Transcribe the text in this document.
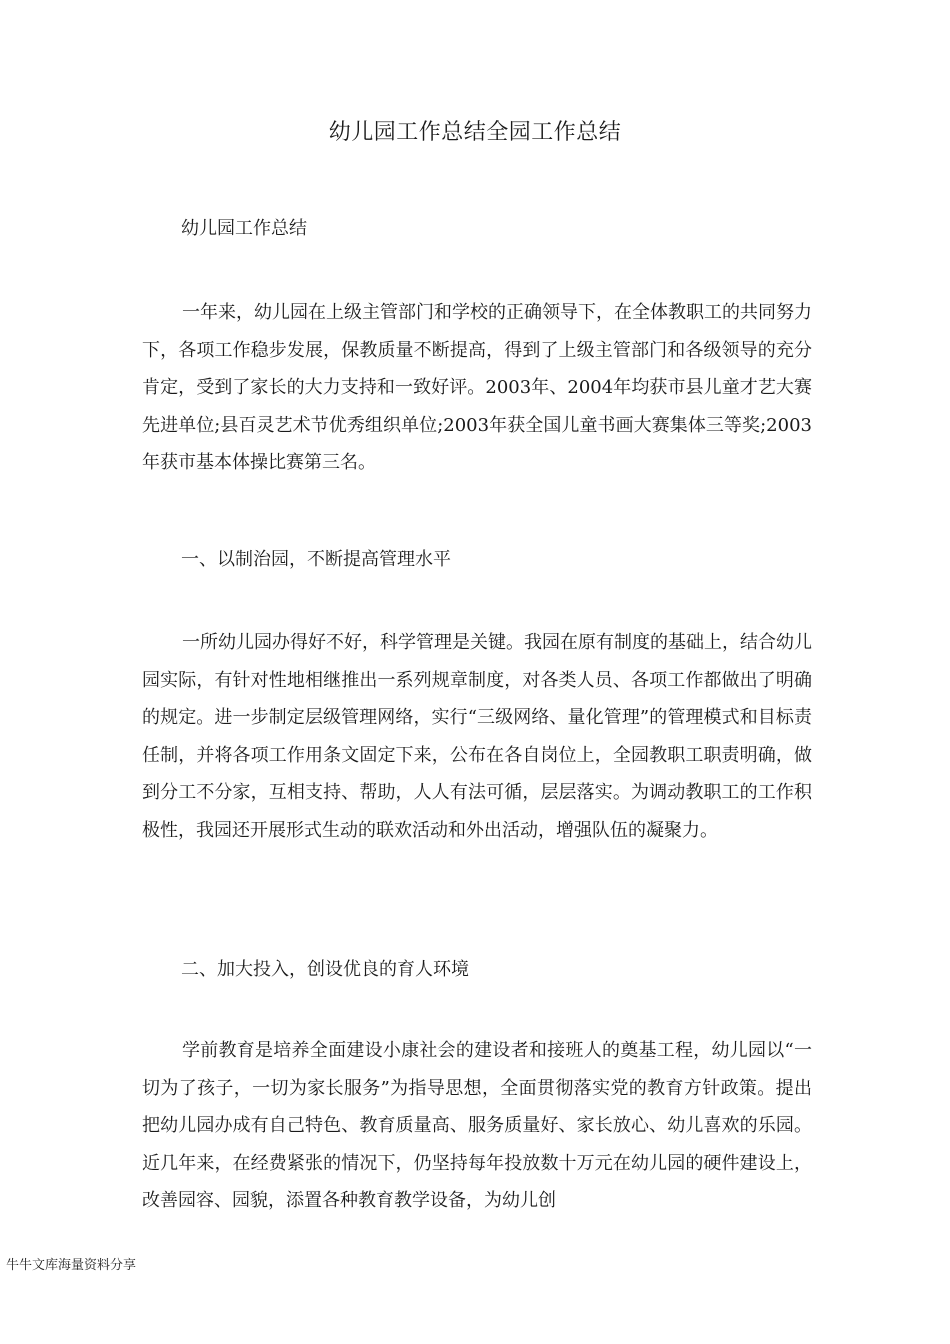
幼儿园工作总结全园工作总结
幼儿园工作总结

一年来，幼儿园在上级主管部门和学校的正确领导下，在全体教职工的共同努力下，各项工作稳步发展，保教质量不断提高，得到了上级主管部门和各级领导的充分肯定，受到了家长的大力支持和一致好评。2003年、2004年均获市县儿童才艺大赛先进单位;县百灵艺术节优秀组织单位;2003年获全国儿童书画大赛集体三等奖;2003年获市基本体操比赛第三名。

一、以制治园，不断提高管理水平

一所幼儿园办得好不好，科学管理是关键。我园在原有制度的基础上，结合幼儿园实际，有针对性地相继推出一系列规章制度，对各类人员、各项工作都做出了明确的规定。进一步制定层级管理网络，实行“三级网络、量化管理”的管理模式和目标责任制，并将各项工作用条文固定下来，公布在各自岗位上，全园教职工职责明确，做到分工不分家，互相支持、帮助，人人有法可循，层层落实。为调动教职工的工作积极性，我园还开展形式生动的联欢活动和外出活动，增强队伍的凝聚力。

二、加大投入，创设优良的育人环境

学前教育是培养全面建设小康社会的建设者和接班人的奠基工程，幼儿园以“一切为了孩子，一切为家长服务”为指导思想，全面贯彻落实党的教育方针政策。提出把幼儿园办成有自己特色、教育质量高、服务质量好、家长放心、幼儿喜欢的乐园。近几年来，在经费紧张的情况下，仍坚持每年投放数十万元在幼儿园的硬件建设上，改善园容、园貌，添置各种教育教学设备，为幼儿创

牛牛文库海量资料分享
